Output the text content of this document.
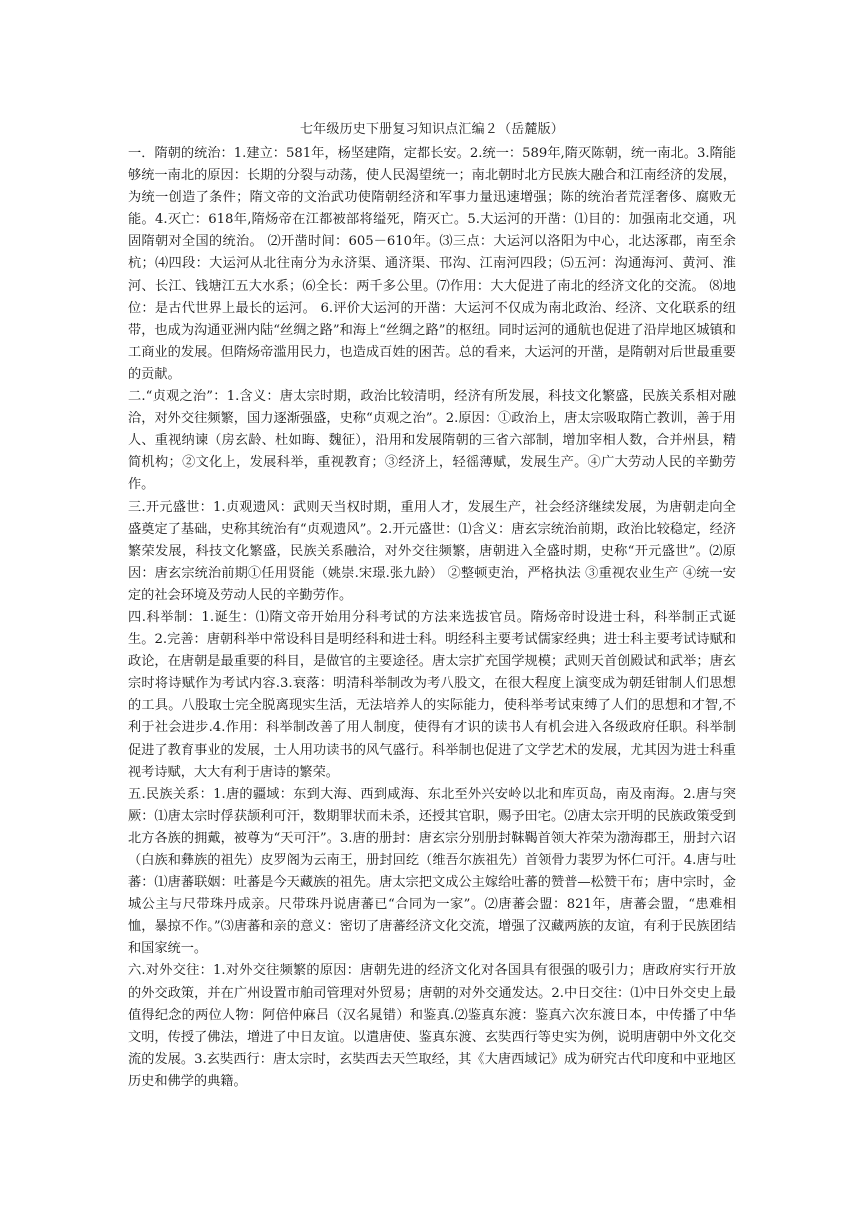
七年级历史下册复习知识点汇编２（岳麓版）

一．隋朝的统治：1.建立：581年，杨坚建隋，定都长安。2.统一：589年,隋灭陈朝，统一南北。3.隋能够统一南北的原因：长期的分裂与动荡，使人民渴望统一；南北朝时北方民族大融合和江南经济的发展，为统一创造了条件；隋文帝的文治武功使隋朝经济和军事力量迅速增强；陈的统治者荒淫奢侈、腐败无能。4.灭亡：618年,隋炀帝在江都被部将缢死，隋灭亡。5.大运河的开凿：⑴目的：加强南北交通，巩固隋朝对全国的统治。 ⑵开凿时间：605－610年。⑶三点：大运河以洛阳为中心，北达涿郡，南至余杭；⑷四段：大运河从北往南分为永济渠、通济渠、邗沟、江南河四段；⑸五河：沟通海河、黄河、淮河、长江、钱塘江五大水系；⑹全长：两千多公里。⑺作用：大大促进了南北的经济文化的交流。 ⑻地位：是古代世界上最长的运河。 6.评价大运河的开凿：大运河不仅成为南北政治、经济、文化联系的纽带，也成为沟通亚洲内陆“丝绸之路”和海上“丝绸之路”的枢纽。同时运河的通航也促进了沿岸地区城镇和工商业的发展。但隋炀帝滥用民力，也造成百姓的困苦。总的看来，大运河的开凿，是隋朝对后世最重要的贡献。

二.“贞观之治”：1.含义：唐太宗时期，政治比较清明，经济有所发展，科技文化繁盛，民族关系相对融洽，对外交往频繁，国力逐渐强盛，史称“贞观之治”。2.原因：①政治上，唐太宗吸取隋亡教训，善于用人、重视纳谏（房玄龄、杜如晦、魏征），沿用和发展隋朝的三省六部制，增加宰相人数，合并州县，精简机构；②文化上，发展科举，重视教育；③经济上，轻徭薄赋，发展生产。④广大劳动人民的辛勤劳作。

三.开元盛世：1.贞观遗风：武则天当权时期，重用人才，发展生产，社会经济继续发展，为唐朝走向全盛奠定了基础，史称其统治有“贞观遗风”。2.开元盛世：⑴含义：唐玄宗统治前期，政治比较稳定，经济繁荣发展，科技文化繁盛，民族关系融洽，对外交往频繁，唐朝进入全盛时期，史称“开元盛世”。⑵原因：唐玄宗统治前期①任用贤能（姚崇.宋璟.张九龄） ②整顿吏治，严格执法 ③重视农业生产 ④统一安定的社会环境及劳动人民的辛勤劳作。

四.科举制：1.诞生：⑴隋文帝开始用分科考试的方法来选拔官员。隋炀帝时设进士科，科举制正式诞生。2.完善：唐朝科举中常设科目是明经科和进士科。明经科主要考试儒家经典；进士科主要考试诗赋和政论，在唐朝是最重要的科目，是做官的主要途径。唐太宗扩充国学规模；武则天首创殿试和武举；唐玄宗时将诗赋作为考试内容.3.衰落：明清科举制改为考八股文，在很大程度上演变成为朝廷钳制人们思想的工具。八股取士完全脱离现实生活，无法培养人的实际能力，使科举考试束缚了人们的思想和才智,不利于社会进步.4.作用：科举制改善了用人制度，使得有才识的读书人有机会进入各级政府任职。科举制促进了教育事业的发展，士人用功读书的风气盛行。科举制也促进了文学艺术的发展，尤其因为进士科重视考诗赋，大大有利于唐诗的繁荣。

五.民族关系：1.唐的疆域：东到大海、西到咸海、东北至外兴安岭以北和库页岛，南及南海。2.唐与突厥：⑴唐太宗时俘获颉利可汗，数期罪状而未杀，还授其官职，赐予田宅。⑵唐太宗开明的民族政策受到北方各族的拥戴，被尊为“天可汗”。3.唐的册封：唐玄宗分别册封靺鞨首领大祚荣为渤海郡王，册封六诏（白族和彝族的祖先）皮罗阁为云南王，册封回纥（维吾尔族祖先）首领骨力裴罗为怀仁可汗。4.唐与吐蕃：⑴唐蕃联姻：吐蕃是今天藏族的祖先。唐太宗把文成公主嫁给吐蕃的赞普—松赞干布；唐中宗时，金城公主与尺带珠丹成亲。尺带珠丹说唐蕃已“合同为一家”。⑵唐蕃会盟：821年，唐蕃会盟，“患难相恤，暴掠不作。”⑶唐蕃和亲的意义：密切了唐蕃经济文化交流，增强了汉藏两族的友谊，有利于民族团结和国家统一。

六.对外交往：1.对外交往频繁的原因：唐朝先进的经济文化对各国具有很强的吸引力；唐政府实行开放的外交政策，并在广州设置市舶司管理对外贸易；唐朝的对外交通发达。2.中日交往：⑴中日外交史上最值得纪念的两位人物：阿倍仲麻吕（汉名晁错）和鉴真.⑵鉴真东渡：鉴真六次东渡日本，中传播了中华文明，传授了佛法，增进了中日友谊。以遣唐使、鉴真东渡、玄奘西行等史实为例，说明唐朝中外文化交流的发展。3.玄奘西行：唐太宗时，玄奘西去天竺取经，其《大唐西域记》成为研究古代印度和中亚地区历史和佛学的典籍。
